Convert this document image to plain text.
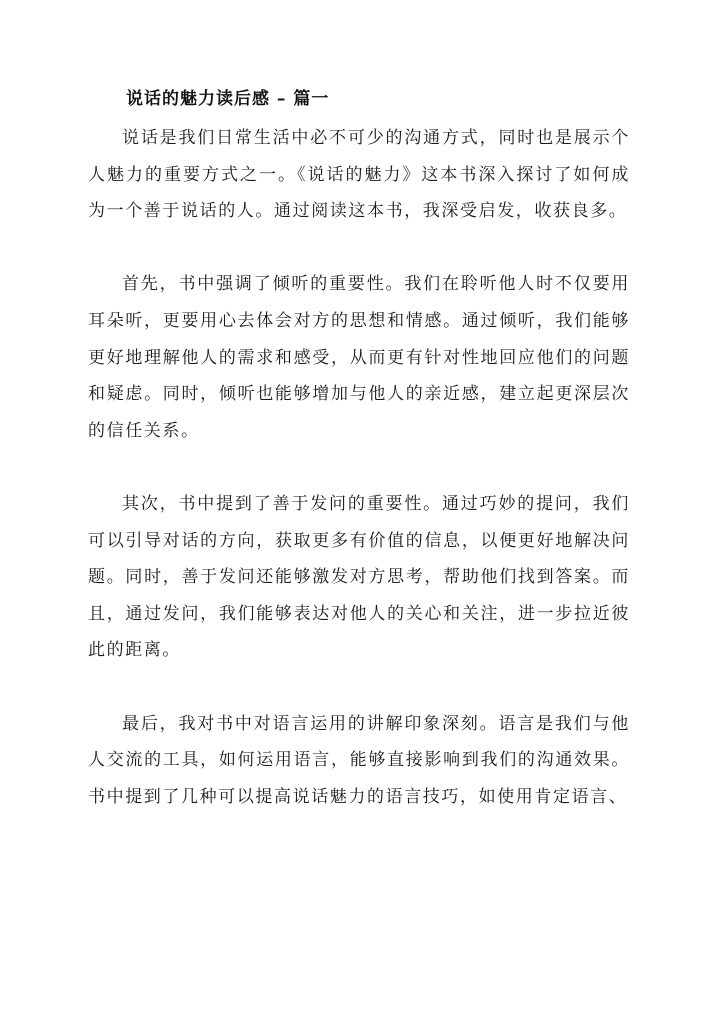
说话的魅力读后感 – 篇一

说话是我们日常生活中必不可少的沟通方式，同时也是展示个人魅力的重要方式之一。《说话的魅力》这本书深入探讨了如何成为一个善于说话的人。通过阅读这本书，我深受启发，收获良多。

首先，书中强调了倾听的重要性。我们在聆听他人时不仅要用耳朵听，更要用心去体会对方的思想和情感。通过倾听，我们能够更好地理解他人的需求和感受，从而更有针对性地回应他们的问题和疑虑。同时，倾听也能够增加与他人的亲近感，建立起更深层次的信任关系。

其次，书中提到了善于发问的重要性。通过巧妙的提问，我们可以引导对话的方向，获取更多有价值的信息，以便更好地解决问题。同时，善于发问还能够激发对方思考，帮助他们找到答案。而且，通过发问，我们能够表达对他人的关心和关注，进一步拉近彼此的距离。

最后，我对书中对语言运用的讲解印象深刻。语言是我们与他人交流的工具，如何运用语言，能够直接影响到我们的沟通效果。书中提到了几种可以提高说话魅力的语言技巧，如使用肯定语言、
